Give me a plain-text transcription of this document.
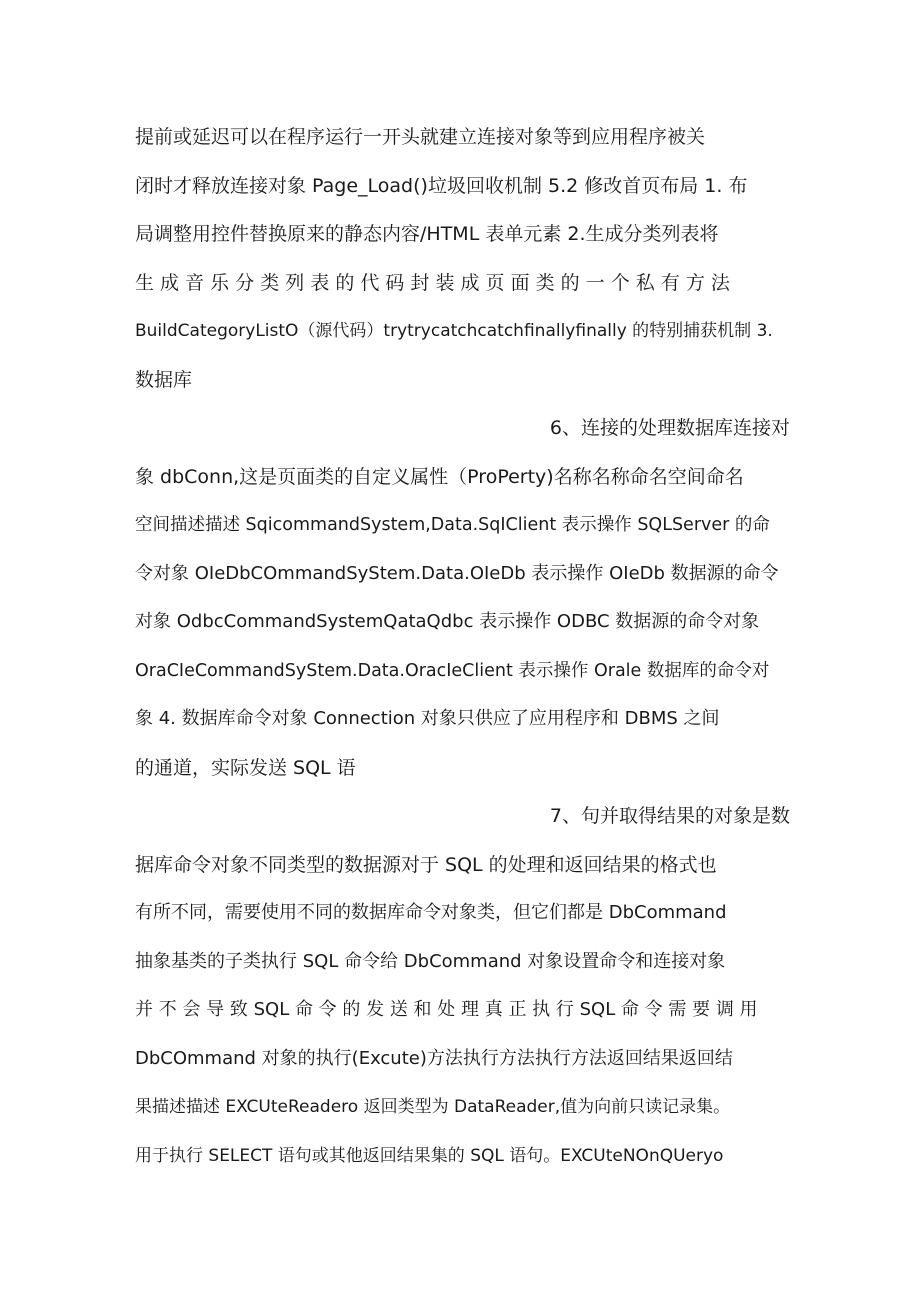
提前或延迟可以在程序运行一开头就建立连接对象等到应用程序被关
闭时才释放连接对象 Page_Load()垃圾回收机制 5.2 修改首页布局 1. 布
局调整用控件替换原来的静态内容/HTML 表单元素 2.生成分类列表将
生 成 音 乐 分 类 列 表 的 代 码 封 装 成 页 面 类 的 一 个 私 有 方 法
BuildCategoryListO（源代码）trytrycatchcatchfinallyfinally 的特别捕获机制 3.
数据库
6、连接的处理数据库连接对
象 dbConn,这是页面类的自定义属性（ProPerty)名称名称命名空间命名
空间描述描述 SqicommandSystem,Data.SqIClient 表示操作 SQLServer 的命
令对象 OIeDbCOmmandSyStem.Data.OIeDb 表示操作 OIeDb 数据源的命令
对象 OdbcCommandSystemQataQdbc 表示操作 ODBC 数据源的命令对象
OraCIeCommandSyStem.Data.OracIeClient 表示操作 Orale 数据库的命令对
象 4. 数据库命令对象 Connection 对象只供应了应用程序和 DBMS 之间
的通道，实际发送 SQL 语
7、句并取得结果的对象是数
据库命令对象不同类型的数据源对于 SQL 的处理和返回结果的格式也
有所不同，需要使用不同的数据库命令对象类，但它们都是 DbCommand
抽象基类的子类执行 SQL 命令给 DbCommand 对象设置命令和连接对象
并 不 会 导 致 SQL 命 令 的 发 送 和 处 理 真 正 执 行 SQL 命 令 需 要 调 用
DbCOmmand 对象的执行(Excute)方法执行方法执行方法返回结果返回结
果描述描述 EXCUteReadero 返回类型为 DataReader,值为向前只读记录集。
用于执行 SELECT 语句或其他返回结果集的 SQL 语句。EXCUteNOnQUeryo
